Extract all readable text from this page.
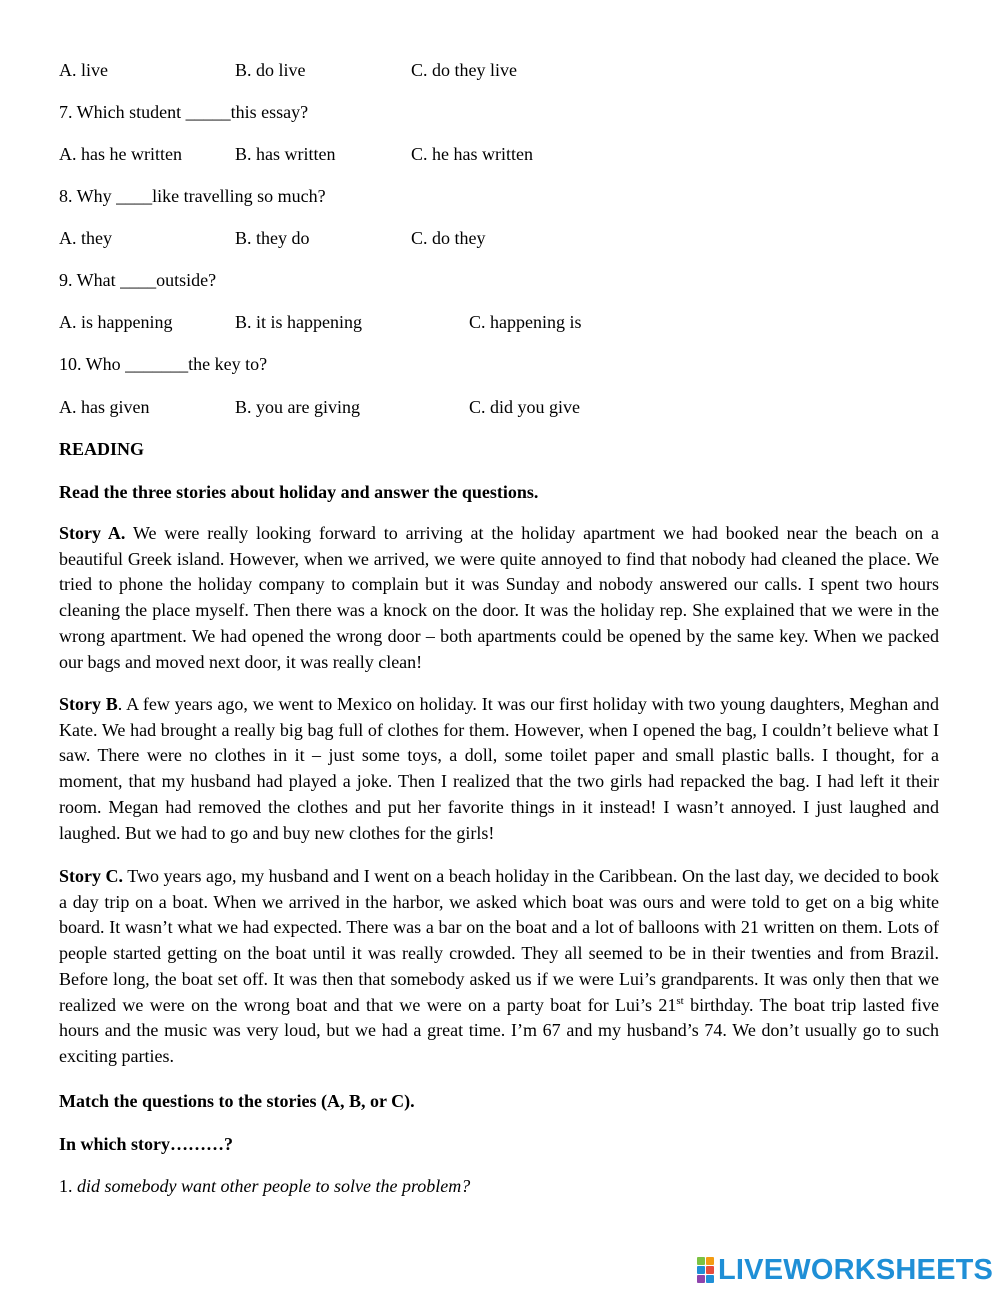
A. live	B. do live	C. do they live
7. Which student _____this essay?
A. has he written	B. has written	C. he has written
8. Why ____like travelling so much?
A. they	B. they do	C. do they
9. What ____outside?
A. is happening	B. it is happening	C. happening is
10. Who _______the key to?
A. has given	B. you are giving	C. did you give
READING
Read the three stories about holiday and answer the questions.

Story A. We were really looking forward to arriving at the holiday apartment we had booked near the beach on a beautiful Greek island. However, when we arrived, we were quite annoyed to find that nobody had cleaned the place. We tried to phone the holiday company to complain but it was Sunday and nobody answered our calls. I spent two hours cleaning the place myself. Then there was a knock on the door. It was the holiday rep. She explained that we were in the wrong apartment. We had opened the wrong door – both apartments could be opened by the same key. When we packed our bags and moved next door, it was really clean!

Story B. A few years ago, we went to Mexico on holiday. It was our first holiday with two young daughters, Meghan and Kate. We had brought a really big bag full of clothes for them. However, when I opened the bag, I couldn’t believe what I saw. There were no clothes in it – just some toys, a doll, some toilet paper and small plastic balls. I thought, for a moment, that my husband had played a joke. Then I realized that the two girls had repacked the bag. I had left it their room. Megan had removed the clothes and put her favorite things in it instead! I wasn’t annoyed. I just laughed and laughed. But we had to go and buy new clothes for the girls!

Story C. Two years ago, my husband and I went on a beach holiday in the Caribbean. On the last day, we decided to book a day trip on a boat. When we arrived in the harbor, we asked which boat was ours and were told to get on a big white board. It wasn’t what we had expected. There was a bar on the boat and a lot of balloons with 21 written on them. Lots of people started getting on the boat until it was really crowded. They all seemed to be in their twenties and from Brazil. Before long, the boat set off. It was then that somebody asked us if we were Lui’s grandparents. It was only then that we realized we were on the wrong boat and that we were on a party boat for Lui’s 21st birthday. The boat trip lasted five hours and the music was very loud, but we had a great time. I’m 67 and my husband’s 74. We don’t usually go to such exciting parties.

Match the questions to the stories (A, B, or C).
In which story………?
1. did somebody want other people to solve the problem?
LIVEWORKSHEETS
